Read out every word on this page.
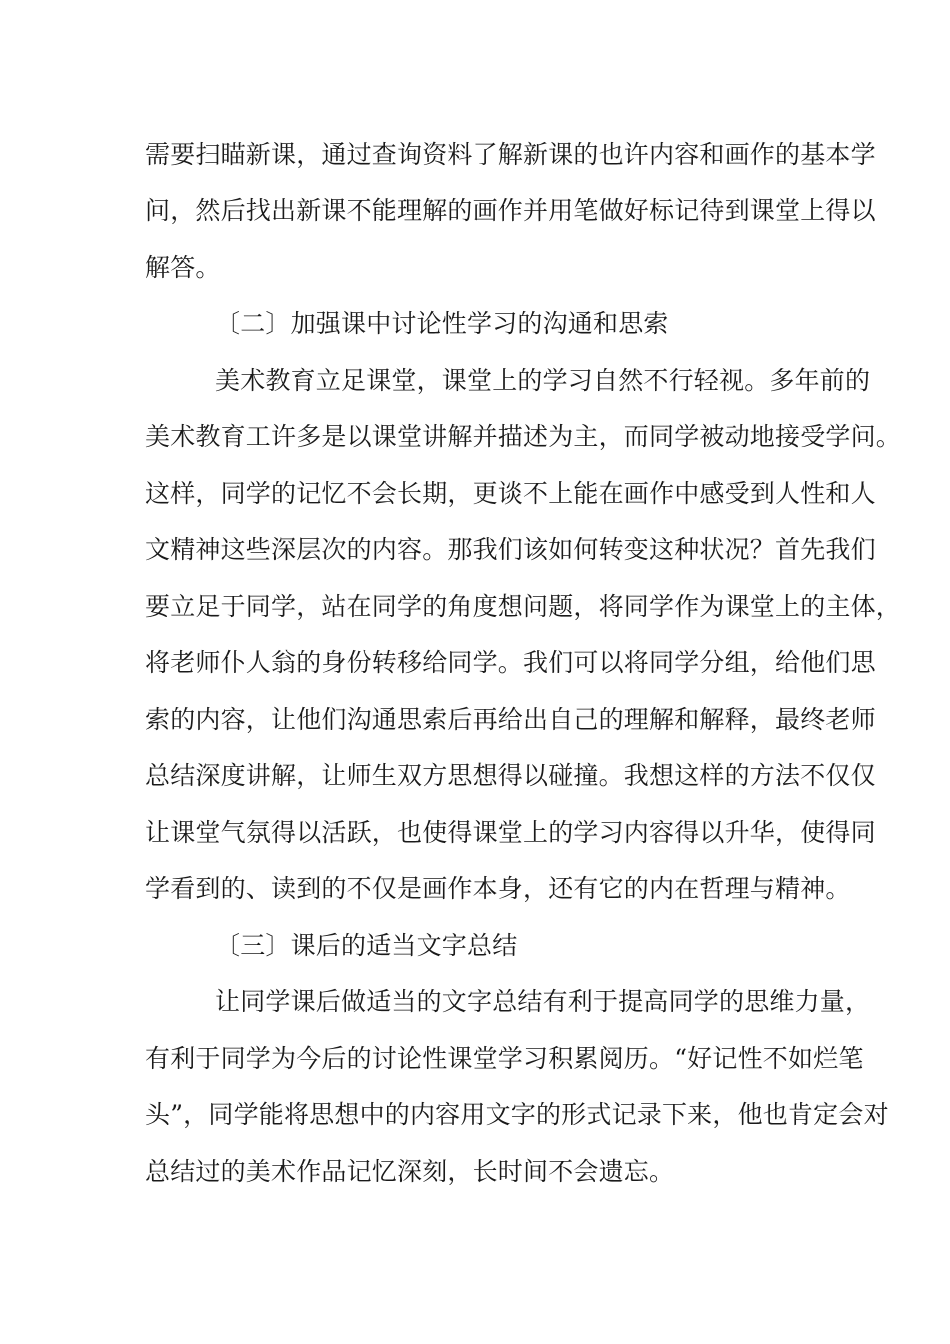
需要扫瞄新课，通过查询资料了解新课的也许内容和画作的基本学
问，然后找出新课不能理解的画作并用笔做好标记待到课堂上得以
解答。
〔二〕加强课中讨论性学习的沟通和思索
美术教育立足课堂，课堂上的学习自然不行轻视。多年前的
美术教育工许多是以课堂讲解并描述为主，而同学被动地接受学问。
这样，同学的记忆不会长期，更谈不上能在画作中感受到人性和人
文精神这些深层次的内容。那我们该如何转变这种状况？首先我们
要立足于同学，站在同学的角度想问题，将同学作为课堂上的主体，
将老师仆人翁的身份转移给同学。我们可以将同学分组，给他们思
索的内容，让他们沟通思索后再给出自己的理解和解释，最终老师
总结深度讲解，让师生双方思想得以碰撞。我想这样的方法不仅仅
让课堂气氛得以活跃，也使得课堂上的学习内容得以升华，使得同
学看到的、读到的不仅是画作本身，还有它的内在哲理与精神。
〔三〕课后的适当文字总结
让同学课后做适当的文字总结有利于提高同学的思维力量，
有利于同学为今后的讨论性课堂学习积累阅历。“好记性不如烂笔
头”，同学能将思想中的内容用文字的形式记录下来，他也肯定会对
总结过的美术作品记忆深刻，长时间不会遗忘。
